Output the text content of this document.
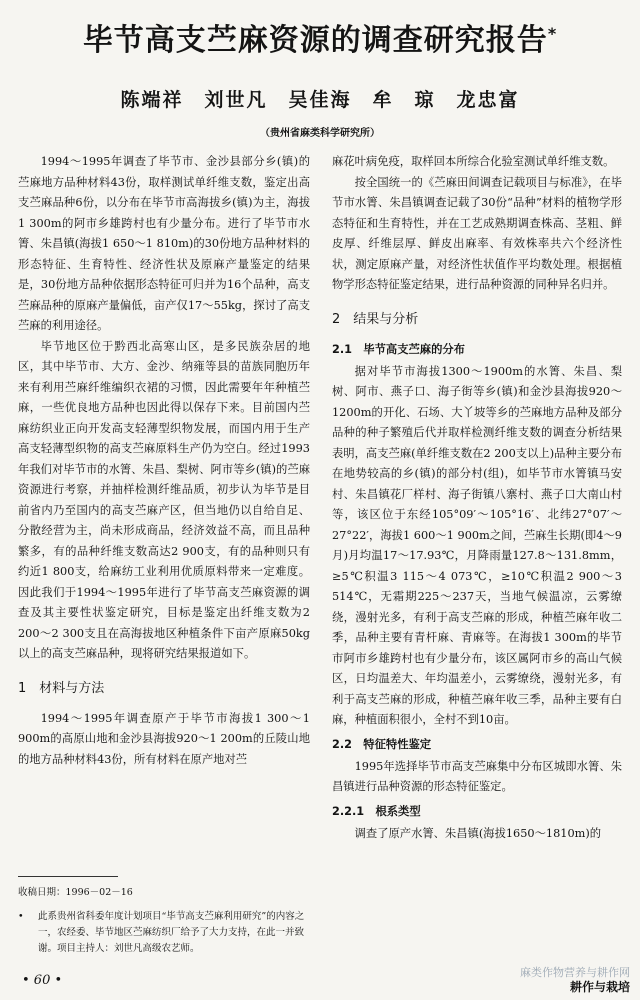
毕节高支苎麻资源的调查研究报告*
陈端祥　刘世凡　吴佳海　牟　琼　龙忠富
（贵州省麻类科学研究所）

1994～1995年调查了毕节市、金沙县部分乡(镇)的苎麻地方品种材料43份，取样测试单纤维支数，鉴定出高支苎麻品种6份，以分布在毕节市高海拔乡(镇)为主，海拔1 300m的阿市乡雄跨村也有少量分布。进行了毕节市水箐、朱昌镇(海拔1 650～1 810m)的30份地方品种材料的形态特征、生育特性、经济性状及原麻产量鉴定的结果是，30份地方品种依据形态特征可归并为16个品种，高支苎麻品种的原麻产量偏低，亩产仅17～55kg，探讨了高支苎麻的利用途径。

毕节地区位于黔西北高寒山区，是多民族杂居的地区，其中毕节市、大方、金沙、纳雍等县的苗族同胞历年来有利用苎麻纤维编织衣裙的习惯，因此需要年年种植苎麻，一些优良地方品种也因此得以保存下来。目前国内苎麻纺织业正向开发高支轻薄型织物发展，而国内用于生产高支轻薄型织物的高支苎麻原料生产仍为空白。经过1993年我们对毕节市的水箐、朱昌、梨树、阿市等乡(镇)的苎麻资源进行考察，并抽样检测纤维品质，初步认为毕节是目前省内乃至国内的高支苎麻产区，但当地仍以自给自足、分散经营为主，尚未形成商品，经济效益不高，而且品种繁多，有的品种纤维支数高达2 900支，有的品种则只有约近1 800支，给麻纺工业利用优质原料带来一定难度。因此我们于1994～1995年进行了毕节高支苎麻资源的调查及其主要性状鉴定研究，目标是鉴定出纤维支数为2 200～2 300支且在高海拔地区种植条件下亩产原麻50kg以上的高支苎麻品种，现将研究结果报道如下。

1　材料与方法

1994～1995年调查原产于毕节市海拔1 300～1 900m的高原山地和金沙县海拔920～1 200m的丘陵山地的地方品种材料43份，所有材料在原产地对苎

收稿日期：1996－02－16
•	此系贵州省科委年度计划项目“毕节高支苎麻利用研究”的内容之一，农经委、毕节地区苎麻纺织厂给予了大力支持，在此一并致谢。项目主持人：刘世凡高级农艺师。

麻花叶病免疫，取样回本所综合化验室测试单纤维支数。

按全国统一的《苎麻田间调查记载项目与标准》，在毕节市水箐、朱昌镇调查记载了30份“品种”材料的植物学形态特征和生育特性，并在工艺成熟期调查株高、茎粗、鲜皮厚、纤维层厚、鲜皮出麻率、有效株率共六个经济性状，测定原麻产量，对经济性状值作平均数处理。根据植物学形态特征鉴定结果，进行品种资源的同种异名归并。

2　结果与分析
2.1　毕节高支苎麻的分布

据对毕节市海拔1300～1900m的水箐、朱昌、梨树、阿市、燕子口、海子街等乡(镇)和金沙县海拔920～1200m的开化、石场、大丫坡等乡的苎麻地方品种及部分品种的种子繁殖后代并取样检测纤维支数的调查分析结果表明，高支苎麻(单纤维支数在2 200支以上)品种主要分布在地势较高的乡(镇)的部分村(组)，如毕节市水箐镇马安村、朱昌镇花厂样村、海子街镇八寨村、燕子口大南山村等，该区位于东经105°09′～105°16′、北纬27°07′～27°22′，海拔1 600～1 900m之间，苎麻生长期(即4～9月)月均温17～17.93℃，月降雨量127.8～131.8mm，≥5℃积温3 115～4 073℃，≥10℃积温2 900～3 514℃，无霜期225～237天，当地气候温凉，云雾缭绕，漫射光多，有利于高支苎麻的形成，种植苎麻年收二季，品种主要有青杆麻、青麻等。在海拔1 300m的毕节市阿市乡雄跨村也有少量分布，该区属阿市乡的高山气候区，日均温差大、年均温差小，云雾缭绕，漫射光多，有利于高支苎麻的形成，种植苎麻年收三季，品种主要有白麻，种植面积很小，全村不到10亩。

2.2　特征特性鉴定

1995年选择毕节市高支苎麻集中分布区城即水箐、朱昌镇进行品种资源的形态特征鉴定。

2.2.1　根系类型

调查了原产水箐、朱昌镇(海拔1650～1810m)的

• 60 •
麻类作物营养与耕作网
耕作与栽培
